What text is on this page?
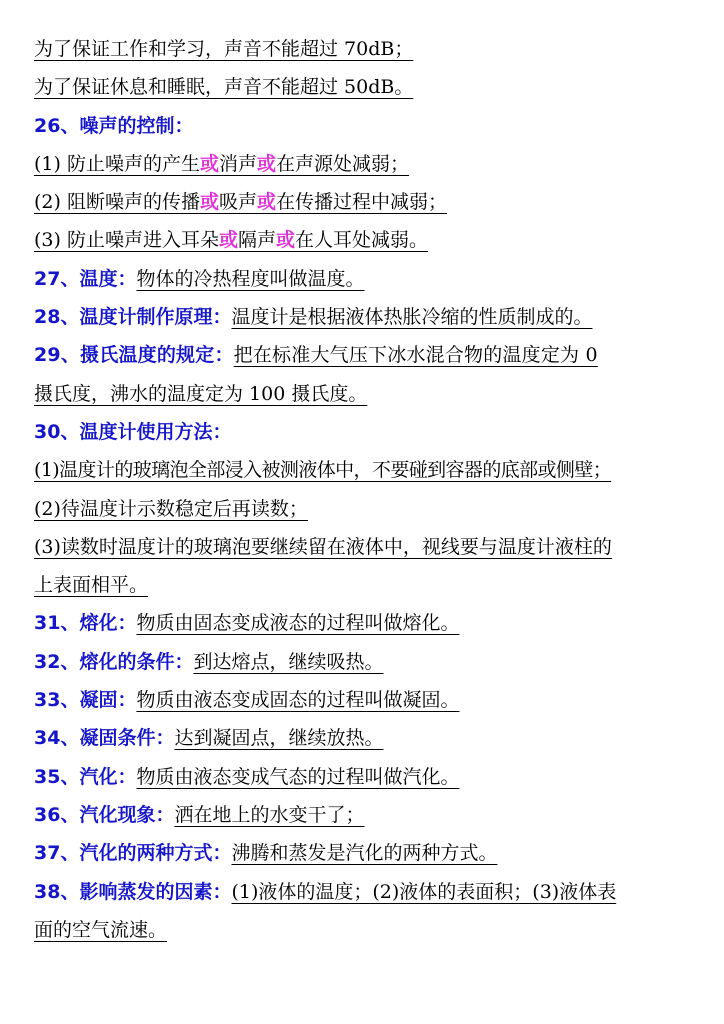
为了保证工作和学习，声音不能超过 70dB；
为了保证休息和睡眠，声音不能超过 50dB。
26、噪声的控制：
(1) 防止噪声的产生或消声或在声源处减弱；
(2) 阻断噪声的传播或吸声或在传播过程中减弱；
(3) 防止噪声进入耳朵或隔声或在人耳处减弱。
27、温度：物体的冷热程度叫做温度。
28、温度计制作原理：温度计是根据液体热胀冷缩的性质制成的。
29、摄氏温度的规定：把在标准大气压下冰水混合物的温度定为 0
摄氏度，沸水的温度定为 100 摄氏度。
30、温度计使用方法：
(1)温度计的玻璃泡全部浸入被测液体中，不要碰到容器的底部或侧壁；
(2)待温度计示数稳定后再读数；
(3)读数时温度计的玻璃泡要继续留在液体中，视线要与温度计液柱的
上表面相平。
31、熔化：物质由固态变成液态的过程叫做熔化。
32、熔化的条件：到达熔点，继续吸热。
33、凝固：物质由液态变成固态的过程叫做凝固。
34、凝固条件：达到凝固点，继续放热。
35、汽化：物质由液态变成气态的过程叫做汽化。
36、汽化现象：洒在地上的水变干了；
37、汽化的两种方式：沸腾和蒸发是汽化的两种方式。
38、影响蒸发的因素：(1)液体的温度；(2)液体的表面积；(3)液体表
面的空气流速。
